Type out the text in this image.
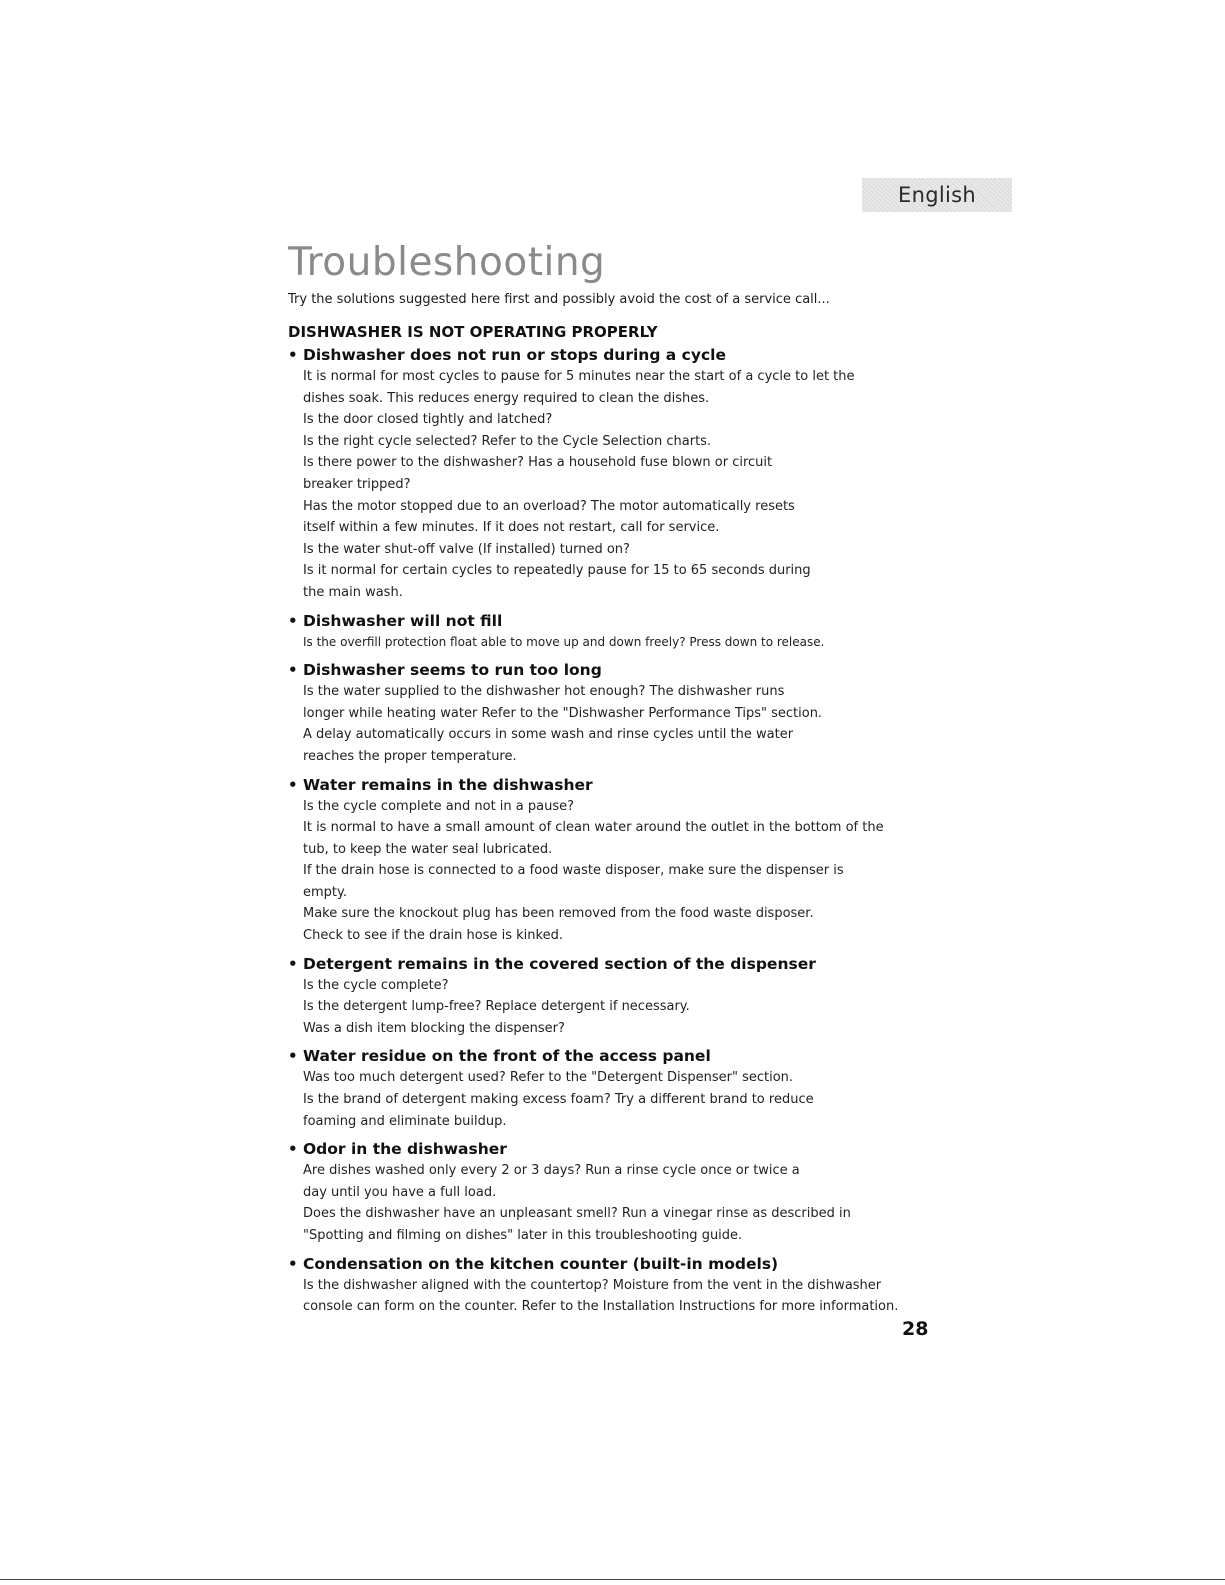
English
Troubleshooting

Try the solutions suggested here first and possibly avoid the cost of a service call...

DISHWASHER IS NOT OPERATING PROPERLY
• Dishwasher does not run or stops during a cycle
It is normal for most cycles to pause for 5 minutes near the start of a cycle to let the
dishes soak. This reduces energy required to clean the dishes.
Is the door closed tightly and latched?
Is the right cycle selected? Refer to the Cycle Selection charts.
Is there power to the dishwasher? Has a household fuse blown or circuit
breaker tripped?
Has the motor stopped due to an overload? The motor automatically resets
itself within a few minutes. If it does not restart, call for service.
Is the water shut-off valve (If installed) turned on?
Is it normal for certain cycles to repeatedly pause for 15 to 65 seconds during
the main wash.
• Dishwasher will not fill
Is the overfill protection float able to move up and down freely? Press down to release.
• Dishwasher seems to run too long
Is the water supplied to the dishwasher hot enough? The dishwasher runs
longer while heating water Refer to the "Dishwasher Performance Tips" section.
A delay automatically occurs in some wash and rinse cycles until the water
reaches the proper temperature.
• Water remains in the dishwasher
Is the cycle complete and not in a pause?
It is normal to have a small amount of clean water around the outlet in the bottom of the
tub, to keep the water seal lubricated.
If the drain hose is connected to a food waste disposer, make sure the dispenser is
empty.
Make sure the knockout plug has been removed from the food waste disposer.
Check to see if the drain hose is kinked.
• Detergent remains in the covered section of the dispenser
Is the cycle complete?
Is the detergent lump-free? Replace detergent if necessary.
Was a dish item blocking the dispenser?
• Water residue on the front of the access panel
Was too much detergent used? Refer to the "Detergent Dispenser" section.
Is the brand of detergent making excess foam? Try a different brand to reduce
foaming and eliminate buildup.
• Odor in the dishwasher
Are dishes washed only every 2 or 3 days? Run a rinse cycle once or twice a
day until you have a full load.
Does the dishwasher have an unpleasant smell? Run a vinegar rinse as described in
"Spotting and filming on dishes" later in this troubleshooting guide.
• Condensation on the kitchen counter (built-in models)
Is the dishwasher aligned with the countertop? Moisture from the vent in the dishwasher
console can form on the counter. Refer to the Installation Instructions for more information.
28
